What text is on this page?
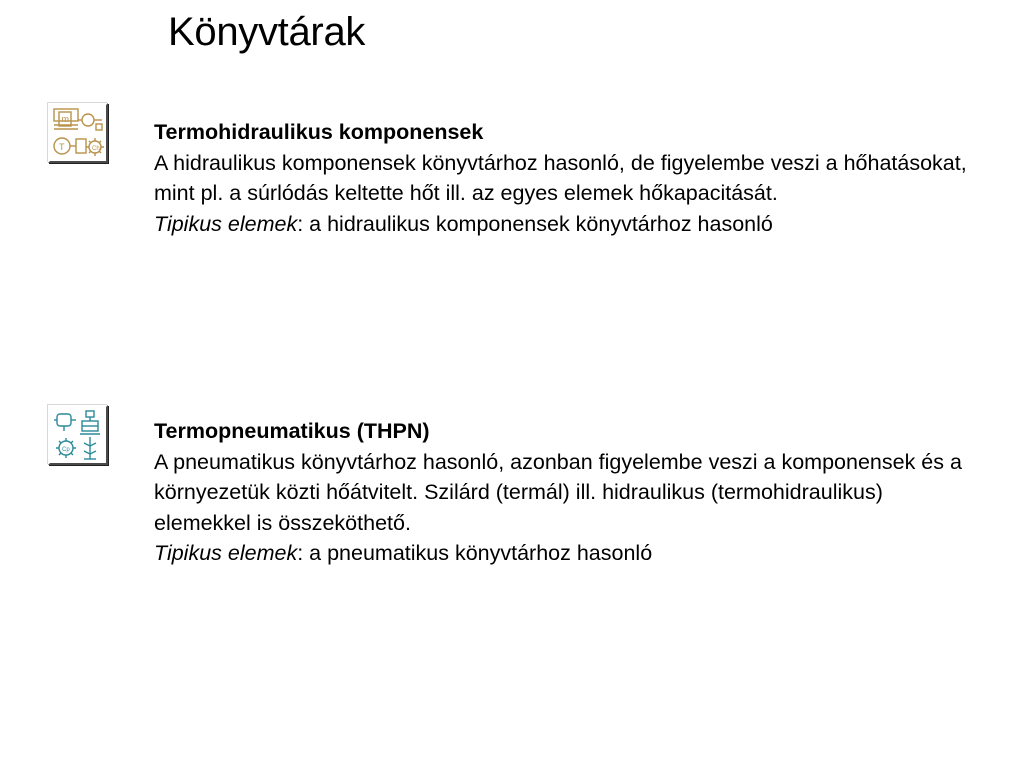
Könyvtárak
m
T	Ch

Termohidraulikus komponensek

A hidraulikus komponensek könyvtárhoz hasonló, de figyelembe veszi a hőhatásokat, mint pl. a súrlódás keltette hőt ill. az egyes elemek hőkapacitását.

Tipikus elemek: a hidraulikus komponensek könyvtárhoz hasonló

Cp

Termopneumatikus (THPN)

A pneumatikus könyvtárhoz hasonló, azonban figyelembe veszi a komponensek és a környezetük közti hőátvitelt. Szilárd (termál) ill. hidraulikus (termohidraulikus) elemekkel is összeköthető.

Tipikus elemek: a pneumatikus könyvtárhoz hasonló
